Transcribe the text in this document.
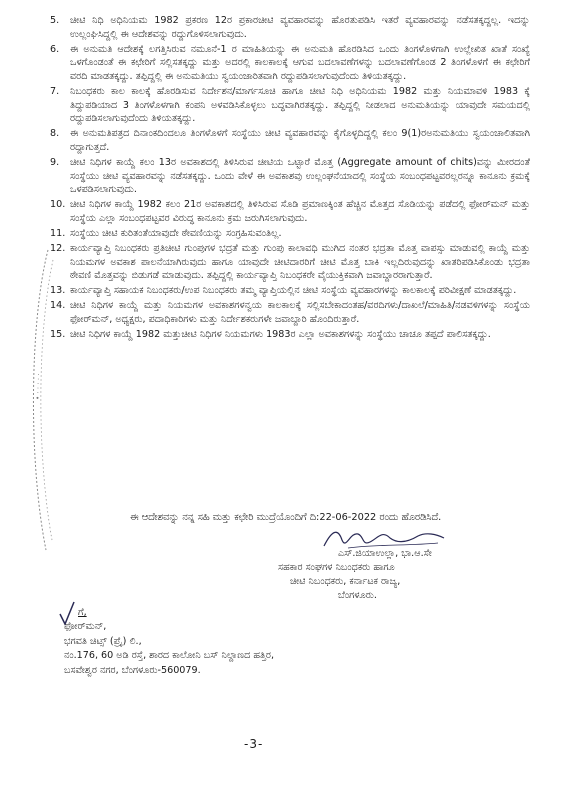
• · · · · ·
5.	ಚೀಟಿ ನಿಧಿ ಅಧಿನಿಯಮ 1982 ಪ್ರಕರಣ 12ರ ಪ್ರಕಾರಚೀಟಿ ವ್ಯವಹಾರವನ್ನು ಹೊರತುಪಡಿಸಿ ಇತರೆ ವ್ಯವಹಾರವನ್ನು ನಡೆಸತಕ್ಕದ್ದಲ್ಲ. ಇದನ್ನು ಉಲ್ಲಂಘಿಸಿದ್ದಲ್ಲಿ ಈ ಆದೇಶವನ್ನು ರದ್ದುಗೊಳಿಸಲಾಗುವುದು.
6.	ಈ ಅನುಮತಿ ಆದೇಶಕ್ಕೆ ಲಗತ್ತಿಸಿರುವ ನಮೂನೆ-1 ರ ಮಾಹಿತಿಯನ್ನು ಈ ಅನುಮತಿ ಹೊರಡಿಸಿದ ಒಂದು ತಿಂಗಳೊಳಗಾಗಿ ಉಲ್ಲೇಖಿತ ಖಾತೆ ಸಂಖ್ಯೆ ಒಳಗೊಂಡಂತೆ ಈ ಕಛೇರಿಗೆ ಸಲ್ಲಿಸತಕ್ಕದ್ದು ಮತ್ತು ಅದರಲ್ಲಿ ಕಾಲಕಾಲಕ್ಕೆ ಆಗುವ ಬದಲಾವಣೆಗಳನ್ನು ಬದಲಾವಣೆಗೊಂಡ 2 ತಿಂಗಳೊಳಗೆ ಈ ಕಛೇರಿಗೆ ವರದಿ ಮಾಡತಕ್ಕದ್ದು. ತಪ್ಪಿದ್ದಲ್ಲಿ ಈ ಅನುಮತಿಯು ಸ್ವಯಂಜಾರಿತವಾಗಿ ರದ್ದುಪಡಿಸಲಾಗುವುದೆಂದು ತಿಳಿಯತಕ್ಕದ್ದು.
7.	ನಿಬಂಧಕರು ಕಾಲ ಕಾಲಕ್ಕೆ ಹೊರಡಿಸುವ ನಿರ್ದೇಶನ/ಮಾರ್ಗಸೂಚಿ ಹಾಗೂ ಚೀಟಿ ನಿಧಿ ಅಧಿನಿಯಮ 1982 ಮತ್ತು ನಿಯಮಾವಳಿ 1983 ಕ್ಕೆ ತಿದ್ದುಪಡಿಯಾದ 3 ತಿಂಗಳೊಳಗಾಗಿ ಕಂಪನಿ ಅಳವಡಿಸಿಕೊಳ್ಳಲು ಬದ್ಧವಾಗಿರತಕ್ಕದ್ದು. ತಪ್ಪಿದ್ದಲ್ಲಿ ನೀಡಲಾದ ಅನುಮತಿಯನ್ನು ಯಾವುದೇ ಸಮಯದಲ್ಲಿ ರದ್ದುಪಡಿಸಲಾಗುವುದೆಂದು ತಿಳಿಯತಕ್ಕದ್ದು.
8.	ಈ ಅನುಮತಿಪತ್ರದ ದಿನಾಂಕದಿಂದಲೂ ತಿಂಗಳೊಳಗೆ ಸಂಸ್ಥೆಯು ಚೀಟಿ ವ್ಯವಹಾರವನ್ನು ಕೈಗೊಳ್ಳದಿದ್ದಲ್ಲಿ ಕಲಂ 9(1)ರಅನುಮತಿಯು ಸ್ವಯಂಚಾಲಿತವಾಗಿ ರದ್ದಾಗುತ್ತದೆ.
9.	ಚೀಟಿ ನಿಧಿಗಳ ಕಾಯ್ದೆ ಕಲಂ 13ರ ಅವಕಾಶದಲ್ಲಿ ತಿಳಿಸಿರುವ ಚೀಟಿಯ ಒಟ್ಟಾರೆ ಮೊತ್ತ (Aggregate amount of chits)ವನ್ನು ಮೀರದಂತೆ ಸಂಸ್ಥೆಯು ಚೀಟಿ ವ್ಯವಹಾರವನ್ನು ನಡೆಸತಕ್ಕದ್ದು. ಒಂದು ವೇಳೆ ಈ ಅವಕಾಶವು ಉಲ್ಲಂಘನೆಯಾದಲ್ಲಿ ಸಂಸ್ಥೆಯ ಸಂಬಂಧಪಟ್ಟವರಲ್ಲರನ್ನೂ ಕಾನೂನು ಕ್ರಮಕ್ಕೆ ಒಳಪಡಿಸಲಾಗುವುದು.
10. ಚೀಟಿ ನಿಧಿಗಳ ಕಾಯ್ದೆ 1982 ಕಲಂ 21ರ ಅವಕಾಶದಲ್ಲಿ ತಿಳಿಸಿರುವ ಸೊಡಿ ಪ್ರಮಾಣಕ್ಕಿಂತ ಹೆಚ್ಚಿನ ಮೊತ್ತದ ಸೊಡಿಯನ್ನು ಪಡೆದಲ್ಲಿ ಫೋರ್‌ಮನ್ ಮತ್ತು ಸಂಸ್ಥೆಯ ಎಲ್ಲಾ ಸಂಬಂಧಪಟ್ಟವರ ವಿರುದ್ಧ ಕಾನೂನು ಕ್ರಮ ಜರುಗಿಸಲಾಗುವುದು.
11. ಸಂಸ್ಥೆಯು ಚೀಟಿ ಕುರಿತಂತೆಯಾವುದೇ ಠೇವಣಿಯನ್ನು ಸಂಗ್ರಹಿಸುವಂತಿಲ್ಲ.
12. ಕಾರ್ಯವ್ಯಾಪ್ತಿ ನಿಬಂಧಕರು ಪ್ರತಿಚೀಟಿ ಗುಂಪುಗಳ ಭದ್ರತೆ ಮತ್ತು ಗುಂಪು ಕಾಲಾವಧಿ ಮುಗಿದ ನಂತರ ಭದ್ರತಾ ಮೊತ್ತ ವಾಪಸ್ಸು ಮಾಡುವಲ್ಲಿ ಕಾಯ್ದೆ ಮತ್ತು ನಿಯಮಗಳ ಅವಕಾಶ ಪಾಲನೆಯಾಗಿರುವುದು ಹಾಗೂ ಯಾವುದೇ ಚೀಟಿದಾರರಿಗೆ ಚೀಟಿ ಮೊತ್ತ ಬಾಕಿ ಇಲ್ಲದಿರುವುದನ್ನು ಖಾತರಿಪಡಿಸಿಕೊಂಡು ಭದ್ರತಾ ಠೇವಣಿ ಮೊತ್ತವನ್ನು ಬಿಡುಗಡೆ ಮಾಡುವುದು. ತಪ್ಪಿದ್ದಲ್ಲಿ ಕಾರ್ಯವ್ಯಾಪ್ತಿ ನಿಬಂಧಕರೇ ವೈಯುಕ್ತಿಕವಾಗಿ ಜವಾಬ್ದಾರರಾಗುತ್ತಾರೆ.
13. ಕಾರ್ಯವ್ಯಾಪ್ತಿ ಸಹಾಯಕ ನಿಬಂಧಕರು/ಉಪ ನಿಬಂಧಕರು ತಮ್ಮ ವ್ಯಾಪ್ತಿಯಲ್ಲಿನ ಚೀಟಿ ಸಂಸ್ಥೆಯ ವ್ಯವಹಾರಗಳನ್ನು ಕಾಲಕಾಲಕ್ಕೆ ಪರಿವೀಕ್ಷಣೆ ಮಾಡತಕ್ಕದ್ದು.
14. ಚೀಟಿ ನಿಧಿಗಳ ಕಾಯ್ದೆ ಮತ್ತು ನಿಯಮಗಳ ಅವಕಾಶಗಳನ್ವಯ ಕಾಲಕಾಲಕ್ಕೆ ಸಲ್ಲಿಸಬೇಕಾದಂತಹ/ವರದಿಗಳು/ದಾಖಲೆ/ಮಾಹಿತಿ/ನಡವಳಿಗಳನ್ನು ಸಂಸ್ಥೆಯ ಫೋರ್‌ಮನ್, ಅಧ್ಯಕ್ಷರು, ಪದಾಧಿಕಾರಿಗಳು ಮತ್ತು ನಿರ್ದೇಶಕರುಗಳೇ ಜವಾಬ್ದಾರಿ ಹೊಂದಿರುತ್ತಾರೆ.
15. ಚೀಟಿ ನಿಧಿಗಳ ಕಾಯ್ದೆ 1982 ಮತ್ತುಚೀಟಿ ನಿಧಿಗಳ ನಿಯಮಗಳು 1983ರ ಎಲ್ಲಾ ಅವಕಾಶಗಳನ್ನು ಸಂಸ್ಥೆಯು ಚಾಚೂ ತಪ್ಪದೆ ಪಾಲಿಸತಕ್ಕದ್ದು.
ಈ ಆದೇಶವನ್ನು ನನ್ನ ಸಹಿ ಮತ್ತು ಕಛೇರಿ ಮುದ್ರೆಯೊಂದಿಗೆ ದಿ:22-06-2022 ರಂದು ಹೊರಡಿಸಿದೆ.
ಎಸ್.ಜಿಯಾಉಲ್ಲಾ, ಭಾ.ಆ.ಸೇ
ಸಹಕಾರ ಸಂಘಗಳ ನಿಬಂಧಕರು ಹಾಗೂ
ಚೀಟಿ ನಿಬಂಧಕರು, ಕರ್ನಾಟಕ ರಾಜ್ಯ,
ಬೆಂಗಳೂರು.
ಗೆ,
ಫೋರ್‌ಮನ್,
ಭಗವತಿ ಚಿಟ್ಸ್ (ಪ್ರೈ) ಲಿ.,
ನಂ.176, 60 ಅಡಿ ರಸ್ತೆ, ಶಾರದ ಕಾಲೋನಿ ಬಸ್ ನಿಲ್ದಾಣದ ಹತ್ತಿರ,
ಬಸವೇಶ್ವರ ನಗರ, ಬೆಂಗಳೂರು-560079.
-3-
